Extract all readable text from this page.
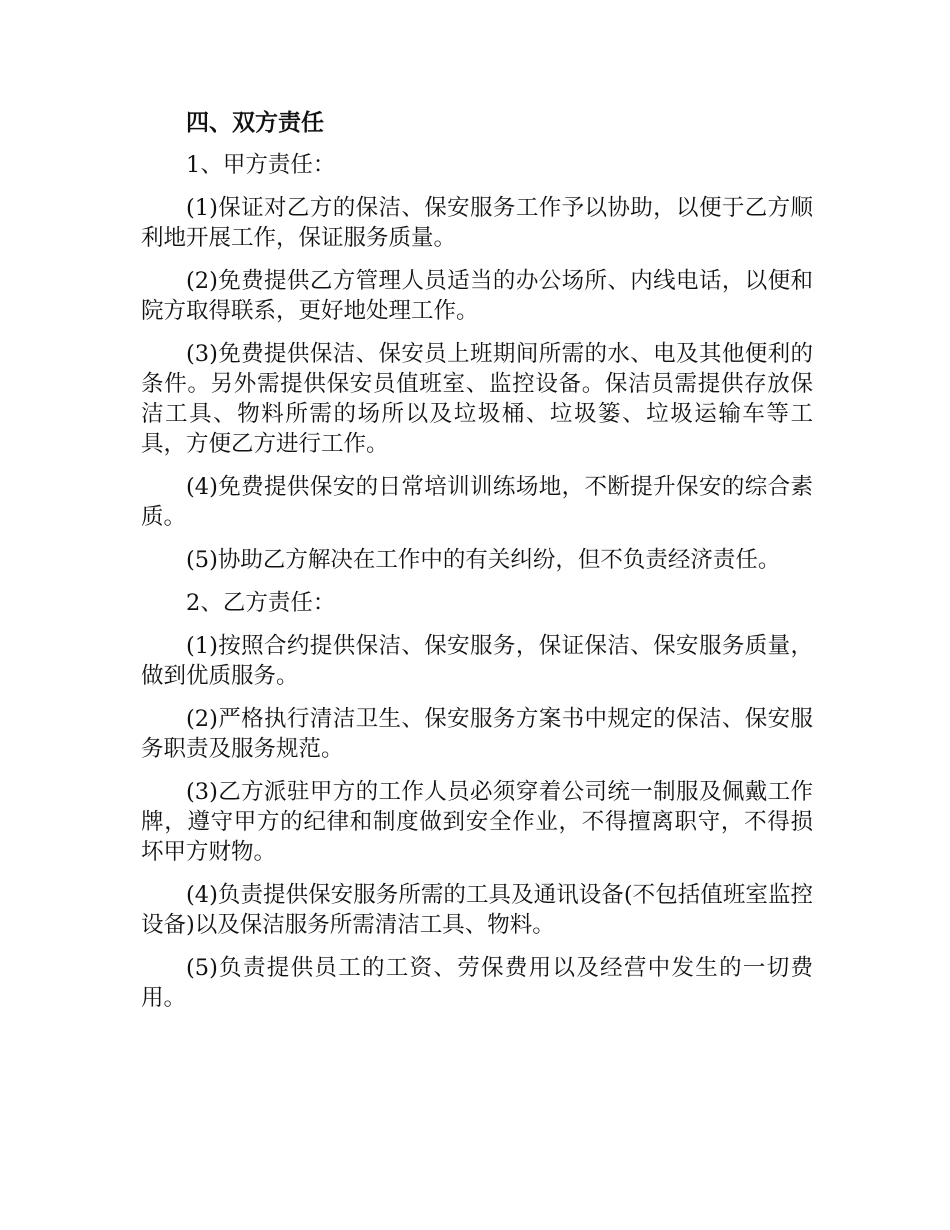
四、双方责任
1、甲方责任：
(1)保证对乙方的保洁、保安服务工作予以协助，以便于乙方顺利地开展工作，保证服务质量。
(2)免费提供乙方管理人员适当的办公场所、内线电话，以便和院方取得联系，更好地处理工作。
(3)免费提供保洁、保安员上班期间所需的水、电及其他便利的条件。另外需提供保安员值班室、监控设备。保洁员需提供存放保洁工具、物料所需的场所以及垃圾桶、垃圾篓、垃圾运输车等工具，方便乙方进行工作。
(4)免费提供保安的日常培训训练场地，不断提升保安的综合素质。
(5)协助乙方解决在工作中的有关纠纷，但不负责经济责任。
2、乙方责任：
(1)按照合约提供保洁、保安服务，保证保洁、保安服务质量，做到优质服务。
(2)严格执行清洁卫生、保安服务方案书中规定的保洁、保安服务职责及服务规范。
(3)乙方派驻甲方的工作人员必须穿着公司统一制服及佩戴工作牌，遵守甲方的纪律和制度做到安全作业，不得擅离职守，不得损坏甲方财物。
(4)负责提供保安服务所需的工具及通讯设备(不包括值班室监控设备)以及保洁服务所需清洁工具、物料。
(5)负责提供员工的工资、劳保费用以及经营中发生的一切费用。
